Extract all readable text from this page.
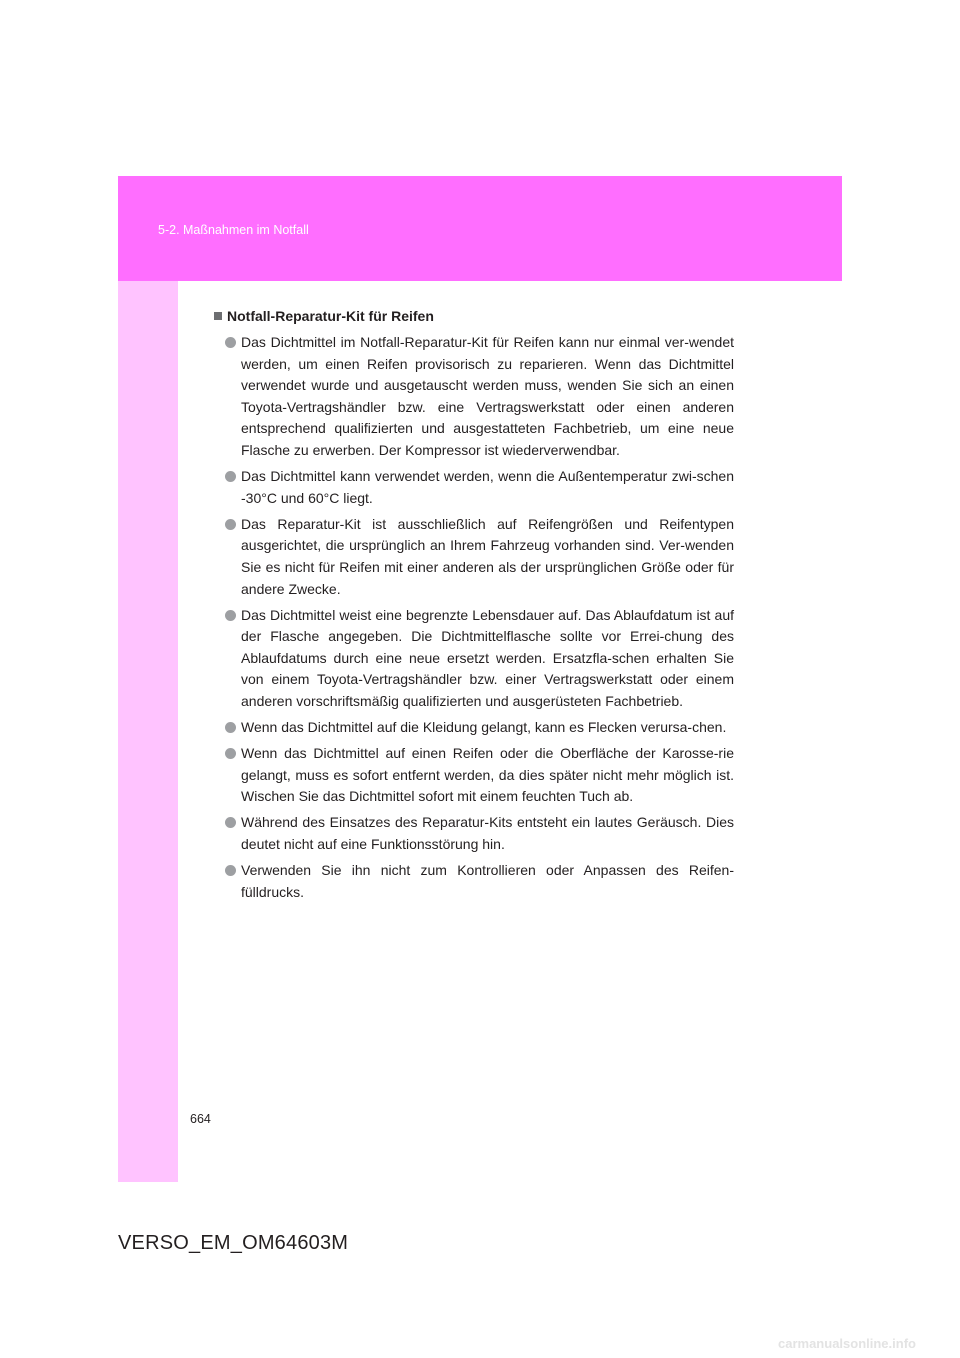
5-2. Maßnahmen im Notfall
Notfall-Reparatur-Kit für Reifen
Das Dichtmittel im Notfall-Reparatur-Kit für Reifen kann nur einmal ver-wendet werden, um einen Reifen provisorisch zu reparieren. Wenn das Dichtmittel verwendet wurde und ausgetauscht werden muss, wenden Sie sich an einen Toyota-Vertragshändler bzw. eine Vertragswerkstatt oder einen anderen entsprechend qualifizierten und ausgestatteten Fachbetrieb, um eine neue Flasche zu erwerben. Der Kompressor ist wiederverwendbar.
Das Dichtmittel kann verwendet werden, wenn die Außentemperatur zwi-schen -30°C und 60°C liegt.
Das Reparatur-Kit ist ausschließlich auf Reifengrößen und Reifentypen ausgerichtet, die ursprünglich an Ihrem Fahrzeug vorhanden sind. Ver-wenden Sie es nicht für Reifen mit einer anderen als der ursprünglichen Größe oder für andere Zwecke.
Das Dichtmittel weist eine begrenzte Lebensdauer auf. Das Ablaufdatum ist auf der Flasche angegeben. Die Dichtmittelflasche sollte vor Errei-chung des Ablaufdatums durch eine neue ersetzt werden. Ersatzfla-schen erhalten Sie von einem Toyota-Vertragshändler bzw. einer Vertragswerkstatt oder einem anderen vorschriftsmäßig qualifizierten und ausgerüsteten Fachbetrieb.
Wenn das Dichtmittel auf die Kleidung gelangt, kann es Flecken verursa-chen.
Wenn das Dichtmittel auf einen Reifen oder die Oberfläche der Karosse-rie gelangt, muss es sofort entfernt werden, da dies später nicht mehr möglich ist. Wischen Sie das Dichtmittel sofort mit einem feuchten Tuch ab.
Während des Einsatzes des Reparatur-Kits entsteht ein lautes Geräusch. Dies deutet nicht auf eine Funktionsstörung hin.
Verwenden Sie ihn nicht zum Kontrollieren oder Anpassen des Reifen-fülldrucks.
664
VERSO_EM_OM64603M
carmanualsonline.info
